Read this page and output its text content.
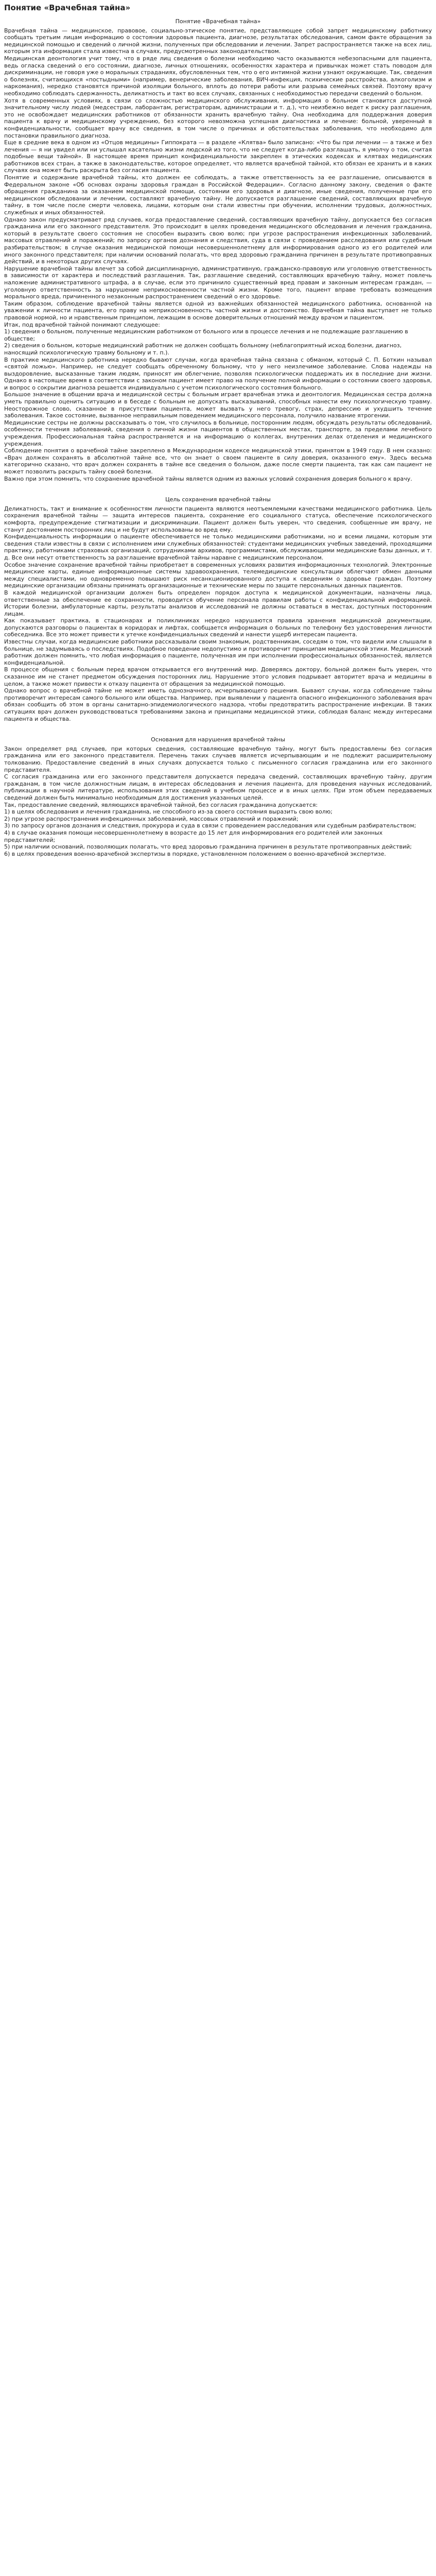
Понятие «Врачебная тайна»

Понятие «Врачебная тайна»

Врачебная тайна — медицинское, правовое, социально-этическое понятие, представляющее собой запрет медицинскому работнику сообщать третьим лицам информацию о состоянии здоровья пациента, диагнозе, результатах обследования, самом факте обращения за медицинской помощью и сведений о личной жизни, полученных при обследовании и лечении. Запрет распространяется также на всех лиц, которым эта информация стала известна в случаях, предусмотренных законодательством.

Медицинская деонтология учит тому, что в ряде лиц сведения о болезни необходимо часто оказываются небезопасными для пациента, ведь огласка сведений о его состоянии, диагнозе, личных отношениях, особенностях характера и привычках может стать поводом для дискриминации, не говоря уже о моральных страданиях, обусловленных тем, что о его интимной жизни узнают окружающие. Так, сведения о болезнях, считающихся «постыдными» (например, венерические заболевания, ВИЧ-инфекция, психические расстройства, алкоголизм и наркомания), нередко становятся причиной изоляции больного, вплоть до потери работы или разрыва семейных связей. Поэтому врачу необходимо соблюдать сдержанность, деликатность и такт во всех случаях, связанных с необходимостью передачи сведений о больном.

Хотя в современных условиях, в связи со сложностью медицинского обслуживания, информация о больном становится доступной значительному числу людей (медсестрам, лаборантам, регистраторам, администрации и т. д.), что неизбежно ведет к риску разглашения, это не освобождает медицинских работников от обязанности хранить врачебную тайну. Она необходима для поддержания доверия пациента к врачу и медицинскому учреждению, без которого невозможна успешная диагностика и лечение: больной, уверенный в конфиденциальности, сообщает врачу все сведения, в том числе о причинах и обстоятельствах заболевания, что необходимо для постановки правильного диагноза.

Еще в средние века в одном из «Отцов медицины» Гиппократа — в разделе «Клятва» было записано: «Что бы при лечении — а также и без лечения — я ни увидел или ни услышал касательно жизни людской из того, что не следует когда-либо разглашать, я умолчу о том, считая подобные вещи тайной». В настоящее время принцип конфиденциальности закреплен в этических кодексах и клятвах медицинских работников всех стран, а также в законодательстве, которое определяет, что является врачебной тайной, кто обязан ее хранить и в каких случаях она может быть раскрыта без согласия пациента.

Понятие и содержание врачебной тайны, кто должен ее соблюдать, а также ответственность за ее разглашение, описываются в Федеральном законе «Об основах охраны здоровья граждан в Российской Федерации». Согласно данному закону, сведения о факте обращения гражданина за оказанием медицинской помощи, состоянии его здоровья и диагнозе, иные сведения, полученные при его медицинском обследовании и лечении, составляют врачебную тайну. Не допускается разглашение сведений, составляющих врачебную тайну, в том числе после смерти человека, лицами, которым они стали известны при обучении, исполнении трудовых, должностных, служебных и иных обязанностей.

Однако закон предусматривает ряд случаев, когда предоставление сведений, составляющих врачебную тайну, допускается без согласия гражданина или его законного представителя. Это происходит в целях проведения медицинского обследования и лечения гражданина, который в результате своего состояния не способен выразить свою волю; при угрозе распространения инфекционных заболеваний, массовых отравлений и поражений; по запросу органов дознания и следствия, суда в связи с проведением расследования или судебным разбирательством; в случае оказания медицинской помощи несовершеннолетнему для информирования одного из его родителей или иного законного представителя; при наличии оснований полагать, что вред здоровью гражданина причинен в результате противоправных действий, и в некоторых других случаях.

Нарушение врачебной тайны влечет за собой дисциплинарную, административную, гражданско-правовую или уголовную ответственность в зависимости от характера и последствий разглашения. Так, разглашение сведений, составляющих врачебную тайну, может повлечь наложение административного штрафа, а в случае, если это причинило существенный вред правам и законным интересам граждан, — уголовную ответственность за нарушение неприкосновенности частной жизни. Кроме того, пациент вправе требовать возмещения морального вреда, причиненного незаконным распространением сведений о его здоровье.

Таким образом, соблюдение врачебной тайны является одной из важнейших обязанностей медицинского работника, основанной на уважении к личности пациента, его праву на неприкосновенность частной жизни и достоинство. Врачебная тайна выступает не только правовой нормой, но и нравственным принципом, лежащим в основе доверительных отношений между врачом и пациентом.

Итак, под врачебной тайной понимают следующее:

1) сведения о больном, полученные медицинским работником от больного или в процессе лечения и не подлежащие разглашению в обществе;

2) сведения о больном, которые медицинский работник не должен сообщать больному (неблагоприятный исход болезни, диагноз, наносящий психологическую травму больному и т. п.).

В практике медицинского работника нередко бывают случаи, когда врачебная тайна связана с обманом, который С. П. Боткин называл «святой ложью». Например, не следует сообщать обреченному больному, что у него неизлечимое заболевание. Слова надежды на выздоровление, высказанные таким людям, приносят им облегчение, позволяя психологически поддержать их в последние дни жизни. Однако в настоящее время в соответствии с законом пациент имеет право на получение полной информации о состоянии своего здоровья, и вопрос о сокрытии диагноза решается индивидуально с учетом психологического состояния больного.

Большое значение в общении врача и медицинской сестры с больным играет врачебная этика и деонтология. Медицинская сестра должна уметь правильно оценить ситуацию и в беседе с больным не допускать высказываний, способных нанести ему психологическую травму. Неосторожное слово, сказанное в присутствии пациента, может вызвать у него тревогу, страх, депрессию и ухудшить течение заболевания. Такое состояние, вызванное неправильным поведением медицинского персонала, получило название ятрогении.

Медицинские сестры не должны рассказывать о том, что случилось в больнице, посторонним людям, обсуждать результаты обследований, особенности течения заболеваний, сведения о личной жизни пациентов в общественных местах, транспорте, за пределами лечебного учреждения. Профессиональная тайна распространяется и на информацию о коллегах, внутренних делах отделения и медицинского учреждения.

Соблюдение понятия о врачебной тайне закреплено в Международном кодексе медицинской этики, принятом в 1949 году. В нем сказано: «Врач должен сохранять в абсолютной тайне все, что он знает о своем пациенте в силу доверия, оказанного ему». Здесь весьма категорично сказано, что врач должен сохранять в тайне все сведения о больном, даже после смерти пациента, так как сам пациент не может позволить раскрыть тайну своей болезни.

Важно при этом помнить, что сохранение врачебной тайны является одним из важных условий сохранения доверия больного к врачу.

Цель сохранения врачебной тайны

Деликатность, такт и внимание к особенностям личности пациента являются неотъемлемыми качествами медицинского работника. Цель сохранения врачебной тайны — защита интересов пациента, сохранение его социального статуса, обеспечение психологического комфорта, предупреждение стигматизации и дискриминации. Пациент должен быть уверен, что сведения, сообщенные им врачу, не станут достоянием посторонних лиц и не будут использованы во вред ему.

Конфиденциальность информации о пациенте обеспечивается не только медицинскими работниками, но и всеми лицами, которым эти сведения стали известны в связи с исполнением ими служебных обязанностей: студентами медицинских учебных заведений, проходящими практику, работниками страховых организаций, сотрудниками архивов, программистами, обслуживающими медицинские базы данных, и т. д. Все они несут ответственность за разглашение врачебной тайны наравне с медицинским персоналом.

Особое значение сохранение врачебной тайны приобретает в современных условиях развития информационных технологий. Электронные медицинские карты, единые информационные системы здравоохранения, телемедицинские консультации облегчают обмен данными между специалистами, но одновременно повышают риск несанкционированного доступа к сведениям о здоровье граждан. Поэтому медицинские организации обязаны принимать организационные и технические меры по защите персональных данных пациентов.

В каждой медицинской организации должен быть определен порядок доступа к медицинской документации, назначены лица, ответственные за обеспечение ее сохранности, проводится обучение персонала правилам работы с конфиденциальной информацией. Истории болезни, амбулаторные карты, результаты анализов и исследований не должны оставаться в местах, доступных посторонним лицам.

Как показывает практика, в стационарах и поликлиниках нередко нарушаются правила хранения медицинской документации, допускаются разговоры о пациентах в коридорах и лифтах, сообщается информация о больных по телефону без удостоверения личности собеседника. Все это может привести к утечке конфиденциальных сведений и нанести ущерб интересам пациента.

Известны случаи, когда медицинские работники рассказывали своим знакомым, родственникам, соседям о том, что видели или слышали в больнице, не задумываясь о последствиях. Подобное поведение недопустимо и противоречит принципам медицинской этики. Медицинский работник должен помнить, что любая информация о пациенте, полученная им при исполнении профессиональных обязанностей, является конфиденциальной.

В процессе общения с больным перед врачом открывается его внутренний мир. Доверяясь доктору, больной должен быть уверен, что сказанное им не станет предметом обсуждения посторонних лиц. Нарушение этого условия подрывает авторитет врача и медицины в целом, а также может привести к отказу пациента от обращения за медицинской помощью.

Однако вопрос о врачебной тайне не может иметь однозначного, исчерпывающего решения. Бывают случаи, когда соблюдение тайны противоречит интересам самого больного или общества. Например, при выявлении у пациента опасного инфекционного заболевания врач обязан сообщить об этом в органы санитарно-эпидемиологического надзора, чтобы предотвратить распространение инфекции. В таких ситуациях врач должен руководствоваться требованиями закона и принципами медицинской этики, соблюдая баланс между интересами пациента и общества.

Основания для нарушения врачебной тайны

Закон определяет ряд случаев, при которых сведения, составляющие врачебную тайну, могут быть предоставлены без согласия гражданина или его законного представителя. Перечень таких случаев является исчерпывающим и не подлежит расширительному толкованию. Предоставление сведений в иных случаях допускается только с письменного согласия гражданина или его законного представителя.

С согласия гражданина или его законного представителя допускается передача сведений, составляющих врачебную тайну, другим гражданам, в том числе должностным лицам, в интересах обследования и лечения пациента, для проведения научных исследований, публикации в научной литературе, использования этих сведений в учебном процессе и в иных целях. При этом объем передаваемых сведений должен быть минимально необходимым для достижения указанных целей.

Так, предоставление сведений, являющихся врачебной тайной, без согласия гражданина допускается:

1) в целях обследования и лечения гражданина, не способного из-за своего состояния выразить свою волю;

2) при угрозе распространения инфекционных заболеваний, массовых отравлений и поражений;

3) по запросу органов дознания и следствия, прокурора и суда в связи с проведением расследования или судебным разбирательством;

4) в случае оказания помощи несовершеннолетнему в возрасте до 15 лет для информирования его родителей или законных представителей;

5) при наличии оснований, позволяющих полагать, что вред здоровью гражданина причинен в результате противоправных действий;

6) в целях проведения военно-врачебной экспертизы в порядке, установленном положением о военно-врачебной экспертизе.
